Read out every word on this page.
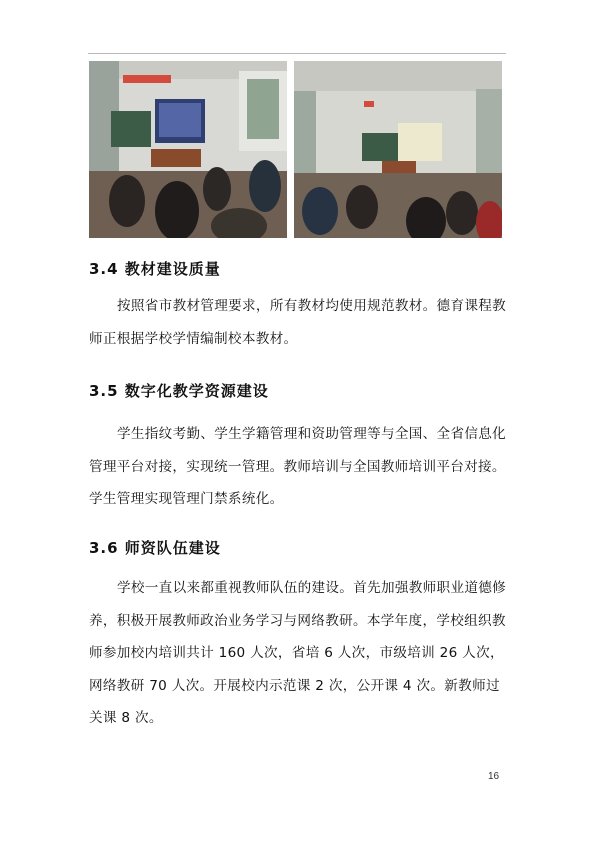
3.4 教材建设质量
按照省市教材管理要求，所有教材均使用规范教材。德育课程教师正根据学校学情编制校本教材。
3.5 数字化教学资源建设
学生指纹考勤、学生学籍管理和资助管理等与全国、全省信息化管理平台对接，实现统一管理。教师培训与全国教师培训平台对接。学生管理实现管理门禁系统化。
3.6 师资队伍建设
学校一直以来都重视教师队伍的建设。首先加强教师职业道德修养，积极开展教师政治业务学习与网络教研。本学年度，学校组织教师参加校内培训共计 160 人次，省培 6 人次，市级培训 26 人次，网络教研 70 人次。开展校内示范课 2 次，公开课 4 次。新教师过关课 8 次。
16
